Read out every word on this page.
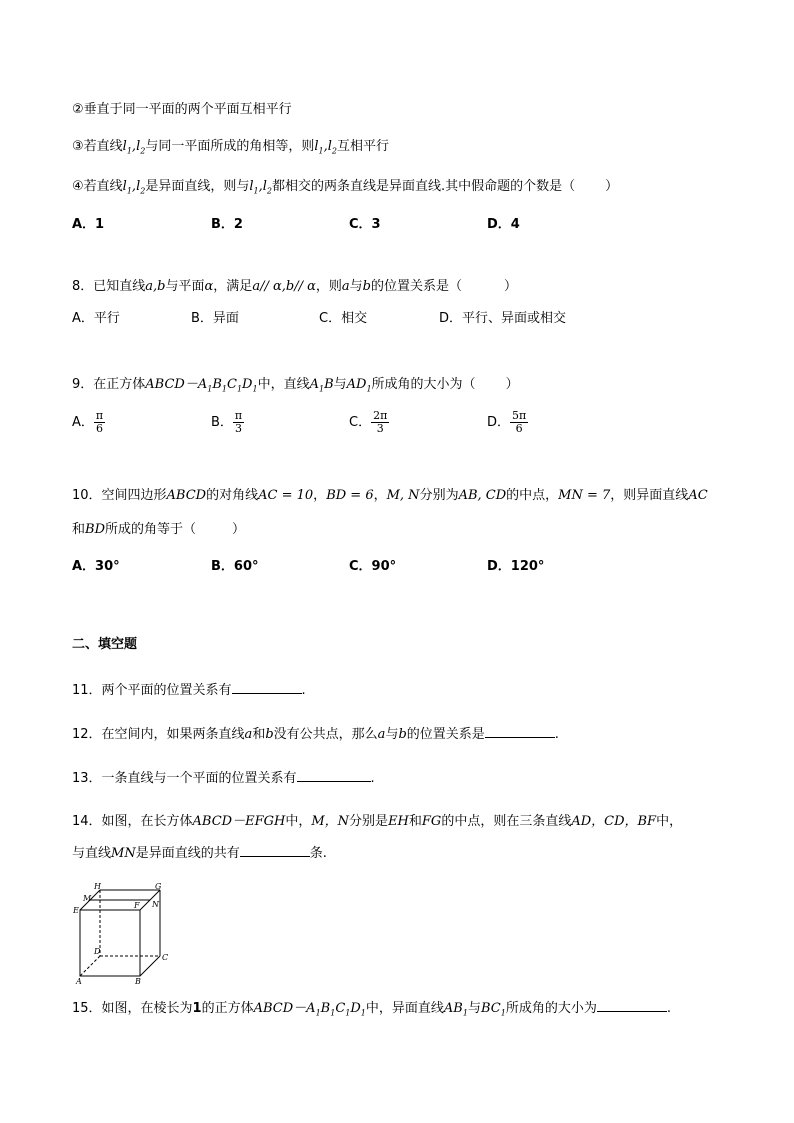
②垂直于同一平面的两个平面互相平行
③若直线$l_1,l_2$与同一平面所成的角相等，则$l_1,l_2$互相平行
④若直线$l_1,l_2$是异面直线，则与$l_1,l_2$都相交的两条直线是异面直线.其中假命题的个数是（ ）
A．1	B．2	C．3	D．4
8．已知直线a,b与平面α，满足a// α,b// α，则a与b的位置关系是（	）
A．平行	B．异面	C．相交	D．平行、异面或相交
9．在正方体$ABCD-A_1B_1C_1D_1$中，直线$A_1B$与$AD_1$所成角的大小为（ ）
A． $\frac{\pi}{6}$	B． $\frac{\pi}{3}$	C． $\frac{2\pi}{3}$	D． $\frac{5\pi}{6}$
10．空间四边形ABCD的对角线AC = 10，BD = 6，M, N分别为AB, CD的中点，MN = 7，则异面直线AC
和BD所成的角等于（	）
A．30°	B．60°	C．90°	D．120°
二、填空题
11．两个平面的位置关系有	.
12．在空间内，如果两条直线a和b没有公共点，那么a与b的位置关系是	.
13．一条直线与一个平面的位置关系有	.
14．如图，在长方体ABCD－EFGH中，M，N分别是EH和FG的中点，则在三条直线AD，CD，BF中，
与直线MN是异面直线的共有	条.
H	G
M
N
E
F
D
C
A	B
15．如图，在棱长为1的正方体$ABCD-A_1B_1C_1D_1$中，异面直线$AB_1$与$BC_1$所成角的大小为	.
